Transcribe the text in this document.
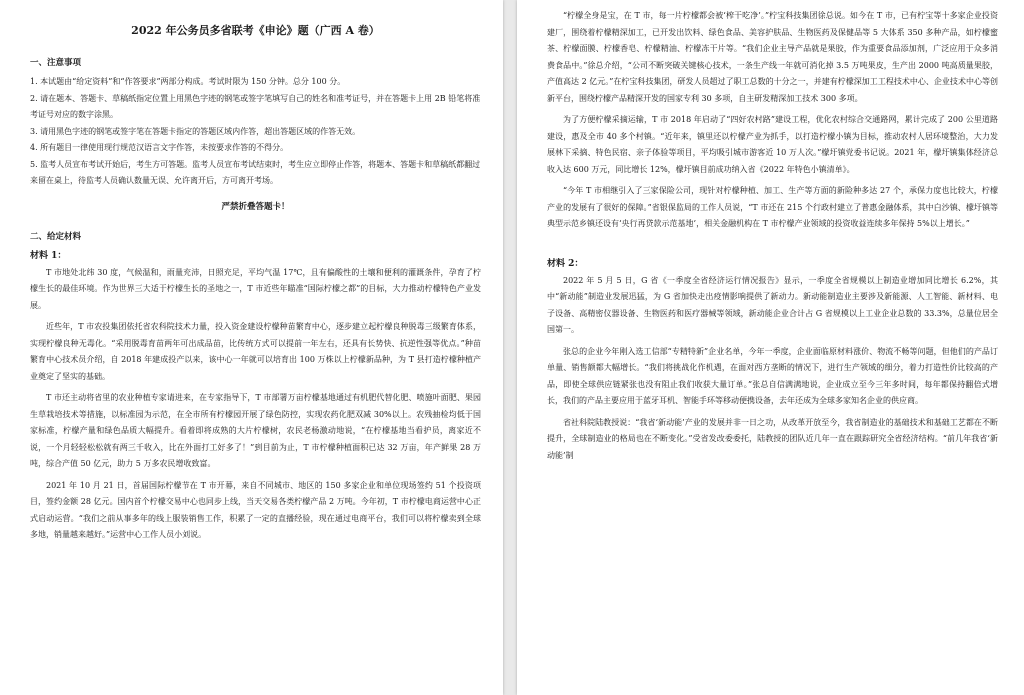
2022 年公务员多省联考《申论》题（广西 A 卷）
一、注意事项

1. 本试题由“给定资料”和“作答要求”两部分构成。考试时限为 150 分钟。总分 100 分。

2. 请在题本、答题卡、草稿纸指定位置上用黑色字迹的钢笔或签字笔填写自己的姓名和准考证号，并在答题卡上用 2B 铅笔将准考证号对应的数字涂黑。

3. 请用黑色字迹的钢笔或签字笔在答题卡指定的答题区域内作答，超出答题区域的作答无效。

4. 所有题目一律使用现行规范汉语言文字作答，未按要求作答的不得分。

5. 监考人员宣布考试开始后，考生方可答题。监考人员宣布考试结束时，考生应立即停止作答，将题本、答题卡和草稿纸都翻过来留在桌上，待监考人员确认数量无误、允许离开后，方可离开考场。

严禁折叠答题卡！
二、给定材料
材料 1：

T 市地处北纬 30 度，气候温和，雨量充沛，日照充足，平均气温 17℃，且有偏酸性的土壤和便利的灌溉条件，孕育了柠檬生长的最佳环境。作为世界三大适于柠檬生长的圣地之一，T 市近些年瞄准“国际柠檬之都”的目标，大力推动柠檬特色产业发展。

近些年，T 市农投集团依托省农科院技术力量，投入资金建设柠檬种苗繁育中心，逐步建立起柠檬良种脱毒三级繁育体系，实现柠檬良种无毒化。“采用脱毒育苗两年可出成品苗，比传统方式可以提前一年左右，还具有长势快、抗逆性强等优点。”种苗繁育中心技术员介绍，自 2018 年建成投产以来，该中心一年就可以培育出 100 万株以上柠檬新品种，为 T 县打造柠檬种植产业奠定了坚实的基础。

T 市还主动将省里的农业种植专家请进来，在专家指导下，T 市部署万亩柠檬基地通过有机肥代替化肥、喷施叶面肥、果园生草栽培技术等措施，以标准园为示范，在全市所有柠檬园开展了绿色防控，实现农药化肥双减 30%以上。农残抽检均低于国家标准，柠檬产量和绿色品质大幅提升。看着即将成熟的大片柠檬树，农民老杨激动地说，“在柠檬基地当看护员，离家近不说，一个月轻轻松松就有两三千收入，比在外面打工好多了！”到目前为止，T 市柠檬种植面积已达 32 万亩，年产鲜果 28 万吨，综合产值 50 亿元，助力 5 万多农民增收致富。

2021 年 10 月 21 日，首届国际柠檬节在 T 市开幕，来自不同城市、地区的 150 多家企业和单位现场签约 51 个投资项目，签约金额 28 亿元。国内首个柠檬交易中心也同步上线，当天交易各类柠檬产品 2 万吨。今年初，T 市柠檬电商运营中心正式启动运营。“我们之前从事多年的线上服装销售工作，积累了一定的直播经验，现在通过电商平台，我们可以将柠檬卖到全球多地，销量越来越好。”运营中心工作人员小刘说。

“柠檬全身是宝，在 T 市，每一片柠檬都会被‘榨干吃净’。”柠宝科技集团徐总说。如今在 T 市，已有柠宝等十多家企业投资建厂，围绕着柠檬精深加工，已开发出饮料、绿色食品、美容护肤品、生物医药及保健品等 5 大体系 350 多种产品，如柠檬蜜茶、柠檬面膜、柠檬香皂、柠檬精油、柠檬冻干片等。“我们企业主导产品就是果胶，作为重要食品添加剂，广泛应用于众多消费食品中。”徐总介绍，“公司不断突破关键核心技术，一条生产线一年就可消化掉 3.5 万吨果皮，生产出 2000 吨高质量果胶，产值高达 2 亿元。”在柠宝科技集团，研发人员超过了职工总数的十分之一，并建有柠檬深加工工程技术中心、企业技术中心等创新平台，围绕柠檬产品精深开发的国家专利 30 多项，自主研发精深加工技术 300 多项。

为了方便柠檬采摘运输，T 市 2018 年启动了“四好农村路”建设工程，优化农村综合交通路网，累计完成了 200 公里道路建设，惠及全市 40 多个村镇。“近年来，镇里还以柠檬产业为抓手，以打造柠檬小镇为目标，推动农村人居环境整治，大力发展林下采摘、特色民宿、亲子体验等项目，平均吸引城市游客近 10 万人次。”檬圩镇党委书记说。2021 年，檬圩镇集体经济总收入达 600 万元，同比增长 12%，檬圩镇目前成功纳入省《2022 年特色小镇清单》。

“今年 T 市相继引入了三家保险公司，现针对柠檬种植、加工、生产等方面的新险种多达 27 个，承保力度也比较大，柠檬产业的发展有了很好的保障。”省银保监局的工作人员说，“T 市还在 215 个行政村建立了普惠金融体系，其中白沙镇、檬圩镇等典型示范乡镇还设有‘央行再贷款示范基地’，相关金融机构在 T 市柠檬产业领域的投资收益连续多年保持 5%以上增长。”

材料 2：

2022 年 5 月 5 日，G 省《一季度全省经济运行情况报告》显示，一季度全省规模以上制造业增加同比增长 6.2%，其中“新动能”制造业发展迅猛，为 G 省加快走出疫情影响提供了新动力。新动能制造业主要涉及新能源、人工智能、新材料、电子设备、高精密仪器设备、生物医药和医疗器械等领域，新动能企业合计占 G 省规模以上工业企业总数的 33.3%，总量位居全国第一。

张总的企业今年刚入选工信部“专精特新”企业名单，今年一季度，企业面临原材料涨价、物流不畅等问题，但他们的产品订单量、销售额都大幅增长。“我们将挑战化作机遇，在面对西方垄断的情况下，进行生产领域的细分，着力打造性价比较高的产品，即使全球供应链紧张也没有阻止我们收获大量订单。”张总自信满满地说，企业成立至今三年多时间，每年都保持翻倍式增长，我们的产品主要应用于蓝牙耳机、智能手环等移动便携设备，去年还成为全球多家知名企业的供应商。

省社科院陆教授说：“我省‘新动能’产业的发展并非一日之功，从改革开放至今，我省制造业的基础技术和基础工艺都在不断提升，全球制造业的格局也在不断变化。”受省发改委委托，陆教授的团队近几年一直在跟踪研究全省经济结构。“前几年我省‘新动能’制
